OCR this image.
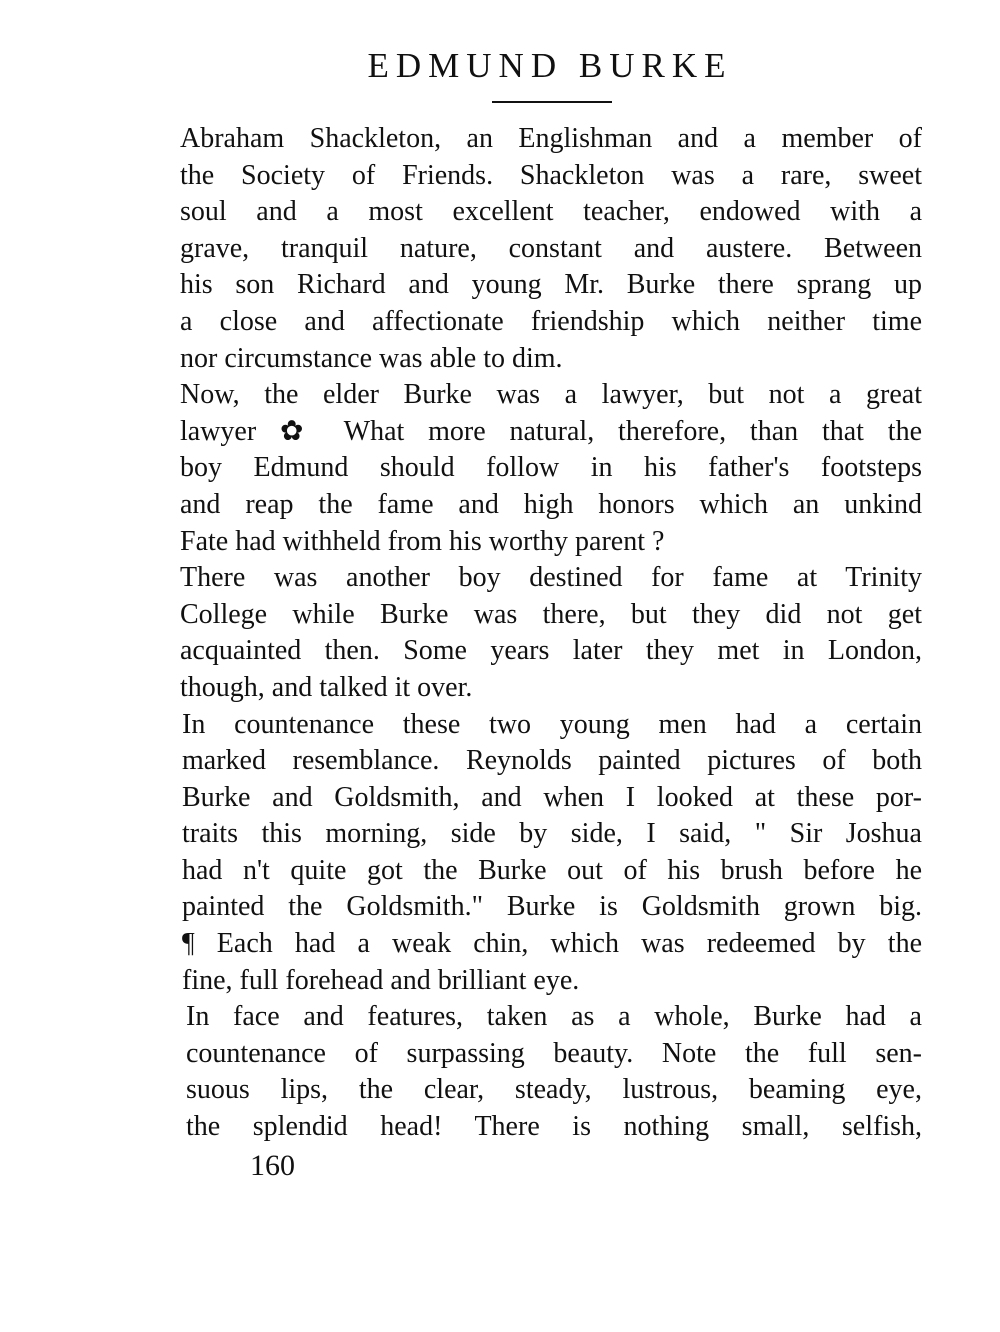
EDMUND BURKE
Abraham Shackleton, an Englishman and a member of
the Society of Friends. Shackleton was a rare, sweet
soul and a most excellent teacher, endowed with a
grave, tranquil nature, constant and austere. Between
his son Richard and young Mr. Burke there sprang up
a close and affectionate friendship which neither time
nor circumstance was able to dim.
Now, the elder Burke was a lawyer, but not a great
lawyer ✿ What more natural, therefore, than that the
boy Edmund should follow in his father's footsteps
and reap the fame and high honors which an unkind
Fate had withheld from his worthy parent ?
There was another boy destined for fame at Trinity
College while Burke was there, but they did not get
acquainted then. Some years later they met in London,
though, and talked it over.
In countenance these two young men had a certain
marked resemblance. Reynolds painted pictures of both
Burke and Goldsmith, and when I looked at these por-
traits this morning, side by side, I said, " Sir Joshua
had n't quite got the Burke out of his brush before he
painted the Goldsmith." Burke is Goldsmith grown big.
¶ Each had a weak chin, which was redeemed by the
fine, full forehead and brilliant eye.
In face and features, taken as a whole, Burke had a
countenance of surpassing beauty. Note the full sen-
suous lips, the clear, steady, lustrous, beaming eye,
the splendid head! There is nothing small, selfish,
160
